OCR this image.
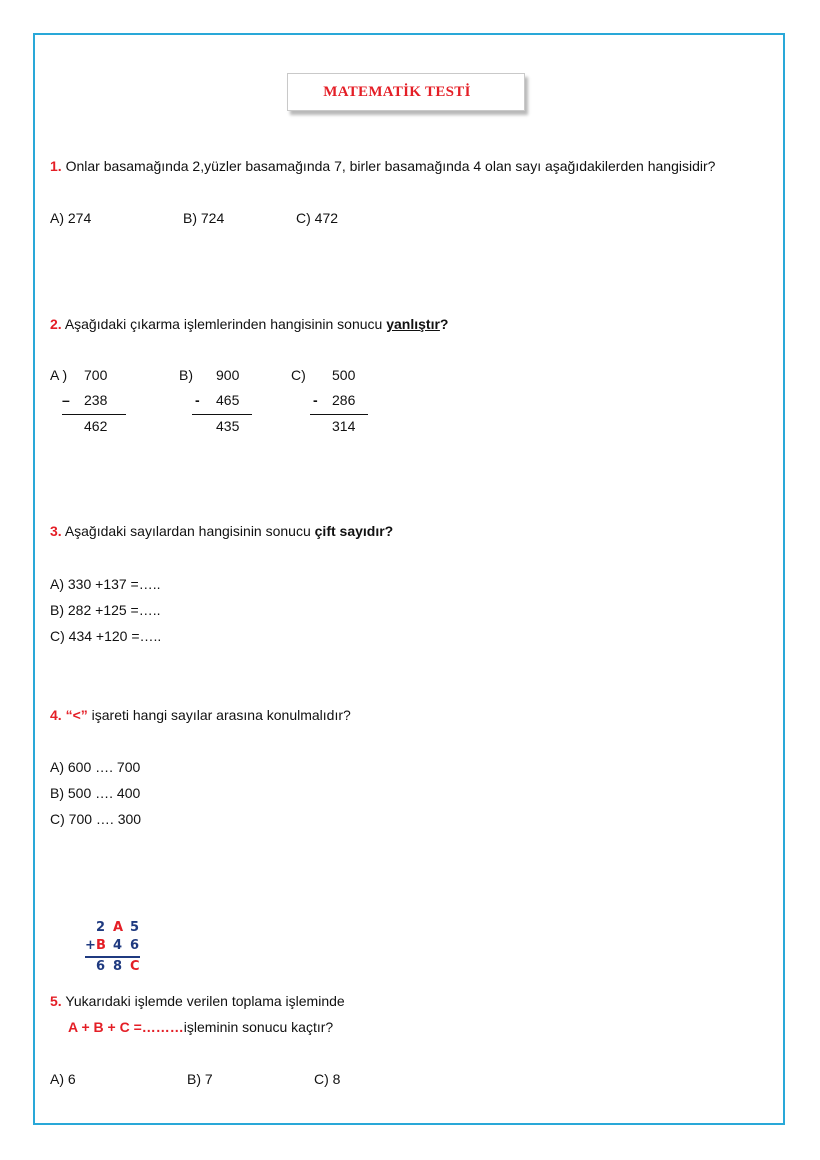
MATEMATİK TESTİ
1. Onlar basamağında 2,yüzler basamağında 7, birler basamağında 4 olan sayı aşağıdakilerden hangisidir?
A) 274	B) 724	C) 472
2. Aşağıdaki çıkarma işlemlerinden hangisinin sonucu yanlıştır?
A ) 700
– 238
462
B) 900
- 465
435
C) 500
- 286
314
3. Aşağıdaki sayılardan hangisinin sonucu çift sayıdır?
A) 330 +137 =…..
B) 282 +125 =…..
C) 434 +120 =…..
4. “<” işareti hangi sayılar arasına konulmalıdır?
A) 600 …. 700
B) 500 …. 400
C) 700 …. 300
2 A 5
+ B 4 6
6 8 C
5. Yukarıdaki işlemde verilen toplama işleminde
A + B + C =………işleminin sonucu kaçtır?
A) 6	B) 7	C) 8
